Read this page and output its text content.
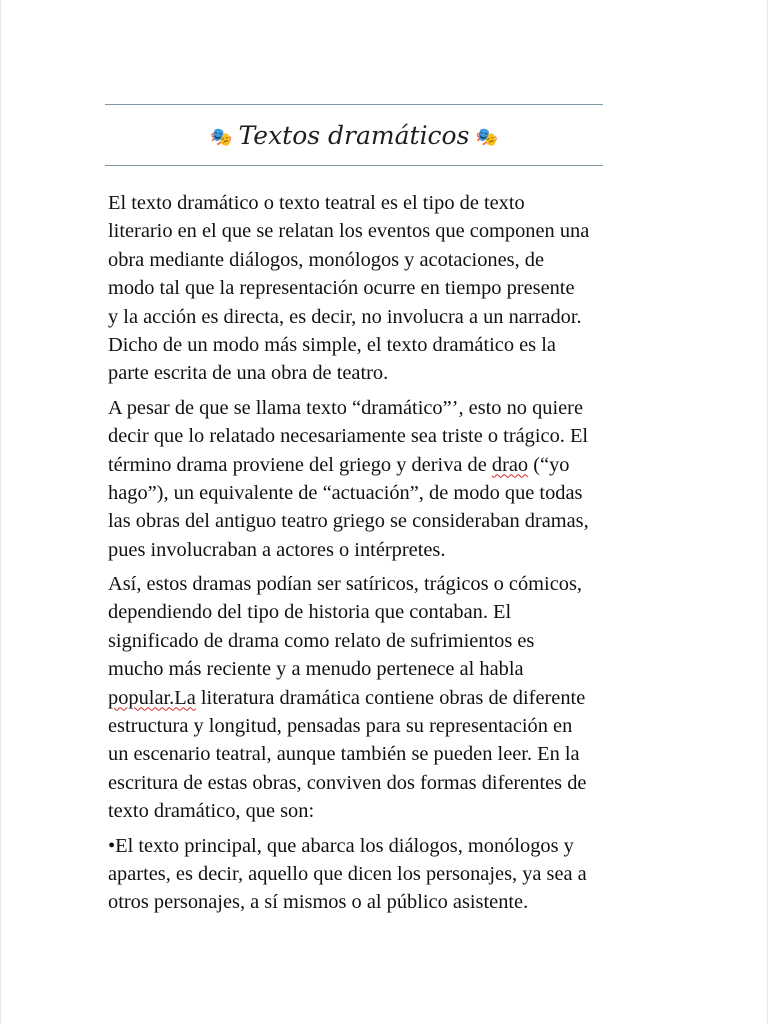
🎭 Textos dramáticos 🎭
El texto dramático o texto teatral es el tipo de texto
literario en el que se relatan los eventos que componen una
obra mediante diálogos, monólogos y acotaciones, de
modo tal que la representación ocurre en tiempo presente
y la acción es directa, es decir, no involucra a un narrador.
Dicho de un modo más simple, el texto dramático es la
parte escrita de una obra de teatro.
A pesar de que se llama texto “dramático”’, esto no quiere
decir que lo relatado necesariamente sea triste o trágico. El
término drama proviene del griego y deriva de drao (“yo
hago”), un equivalente de “actuación”, de modo que todas
las obras del antiguo teatro griego se consideraban dramas,
pues involucraban a actores o intérpretes.
Así, estos dramas podían ser satíricos, trágicos o cómicos,
dependiendo del tipo de historia que contaban. El
significado de drama como relato de sufrimientos es
mucho más reciente y a menudo pertenece al habla
popular.La literatura dramática contiene obras de diferente
estructura y longitud, pensadas para su representación en
un escenario teatral, aunque también se pueden leer. En la
escritura de estas obras, conviven dos formas diferentes de
texto dramático, que son:
•El texto principal, que abarca los diálogos, monólogos y
apartes, es decir, aquello que dicen los personajes, ya sea a
otros personajes, a sí mismos o al público asistente.
